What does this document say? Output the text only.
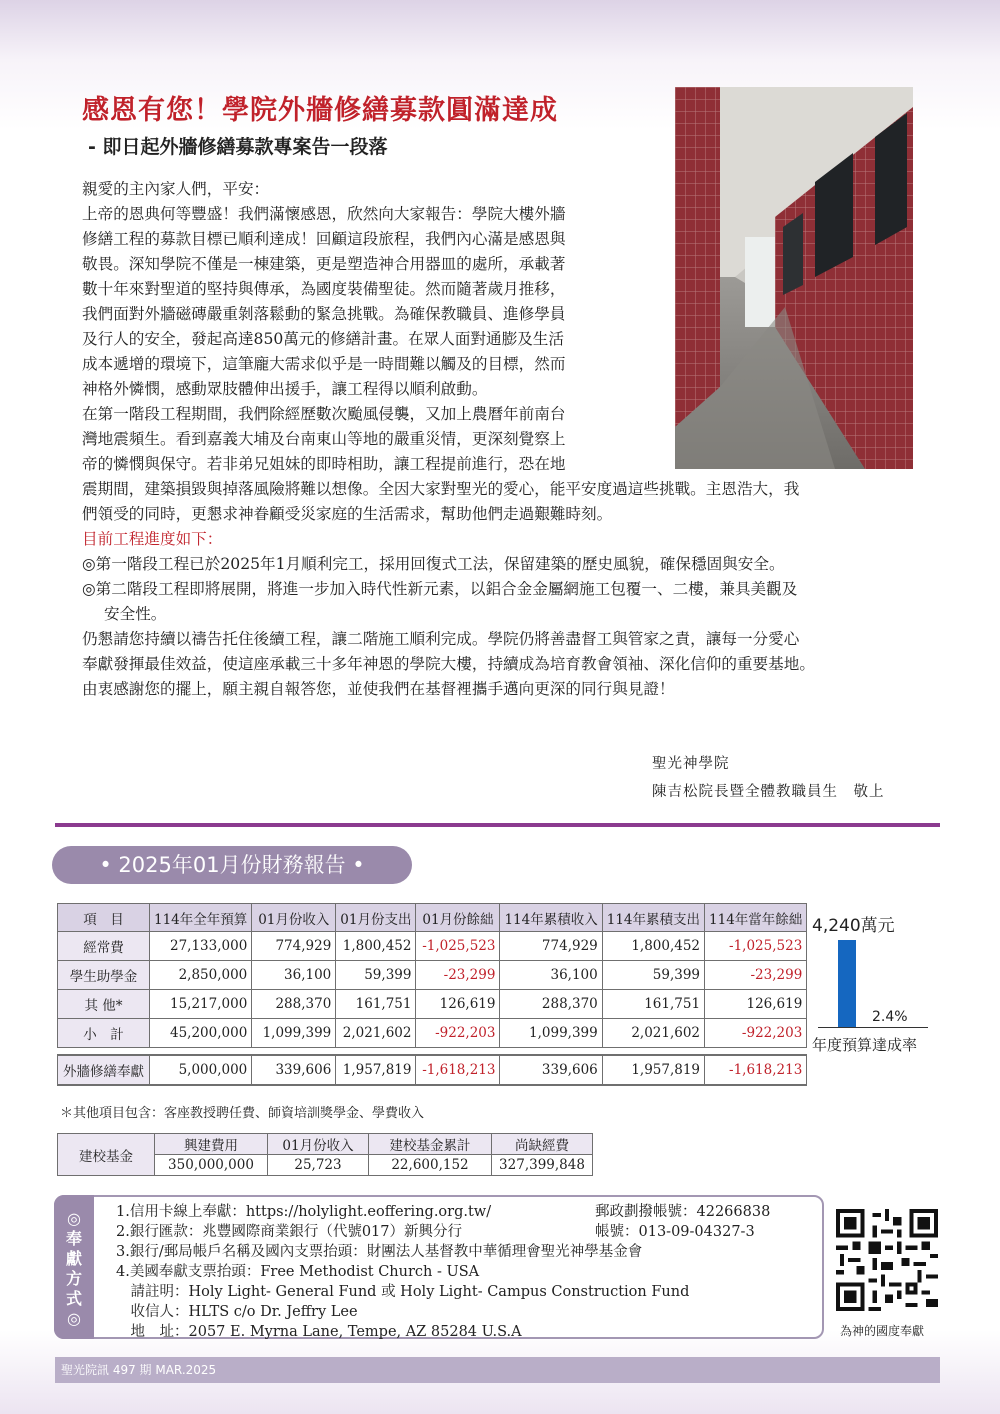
感恩有您！學院外牆修繕募款圓滿達成
- 即日起外牆修繕募款專案告一段落
親愛的主內家人們，平安：
上帝的恩典何等豐盛！我們滿懷感恩，欣然向大家報告：學院大樓外牆
修繕工程的募款目標已順利達成！回顧這段旅程，我們內心滿是感恩與
敬畏。深知學院不僅是一棟建築，更是塑造神合用器皿的處所，承載著
數十年來對聖道的堅持與傳承，為國度裝備聖徒。然而隨著歲月推移，
我們面對外牆磁磚嚴重剝落鬆動的緊急挑戰。為確保教職員、進修學員
及行人的安全，發起高達850萬元的修繕計畫。在眾人面對通膨及生活
成本遞增的環境下，這筆龐大需求似乎是一時間難以觸及的目標，然而
神格外憐憫，感動眾肢體伸出援手，讓工程得以順利啟動。
在第一階段工程期間，我們除經歷數次颱風侵襲，又加上農曆年前南台
灣地震頻生。看到嘉義大埔及台南東山等地的嚴重災情，更深刻覺察上
帝的憐憫與保守。若非弟兄姐妹的即時相助，讓工程提前進行，恐在地
震期間，建築損毀與掉落風險將難以想像。全因大家對聖光的愛心，能平安度過這些挑戰。主恩浩大，我
們領受的同時，更懇求神眷顧受災家庭的生活需求，幫助他們走過艱難時刻。
目前工程進度如下：
◎第一階段工程已於2025年1月順利完工，採用回復式工法，保留建築的歷史風貌，確保穩固與安全。
◎第二階段工程即將展開，將進一步加入時代性新元素，以鋁合金金屬網施工包覆一、二樓，兼具美觀及
安全性。
仍懇請您持續以禱告托住後續工程，讓二階施工順利完成。學院仍將善盡督工與管家之責，讓每一分愛心
奉獻發揮最佳效益，使這座承載三十多年神恩的學院大樓，持續成為培育教會領袖、深化信仰的重要基地。
由衷感謝您的擺上，願主親自報答您，並使我們在基督裡攜手邁向更深的同行與見證！
聖光神學院
陳吉松院長暨全體教職員生　敬上
• 2025年01月份財務報告 •
項　目	114年全年預算	01月份收入	01月份支出	01月份餘絀	114年累積收入	114年累積支出	114年當年餘絀
經常費	27,133,000	774,929	1,800,452	-1,025,523	774,929	1,800,452	-1,025,523
學生助學金	2,850,000	36,100	59,399	-23,299	36,100	59,399	-23,299
其 他*	15,217,000	288,370	161,751	126,619	288,370	161,751	126,619
小　計	45,200,000	1,099,399	2,021,602	-922,203	1,099,399	2,021,602	-922,203

外牆修繕奉獻	5,000,000	339,606	1,957,819	-1,618,213	339,606	1,957,819	-1,618,213
4,240萬元
2.4%
年度預算達成率
＊其他項目包含：客座教授聘任費、師資培訓獎學金、學費收入
建校基金	興建費用	01月份收入	建校基金累計	尚缺經費
	350,000,000	25,723	22,600,152	327,399,848
◎奉獻方式◎
1.信用卡線上奉獻：https://holylight.eoffering.org.tw/	郵政劃撥帳號：42266838
2.銀行匯款：兆豐國際商業銀行（代號017）新興分行	帳號：013-09-04327-3
3.銀行/郵局帳戶名稱及國內支票抬頭：財團法人基督教中華循理會聖光神學基金會
4.美國奉獻支票抬頭：Free Methodist Church - USA
　請註明：Holy Light- General Fund 或 Holy Light- Campus Construction Fund
　收信人：HLTS c/o Dr. Jeffry Lee
　地　址：2057 E. Myrna Lane, Tempe, AZ 85284 U.S.A	為神的國度奉獻
聖光院訊 497 期 MAR.2025
